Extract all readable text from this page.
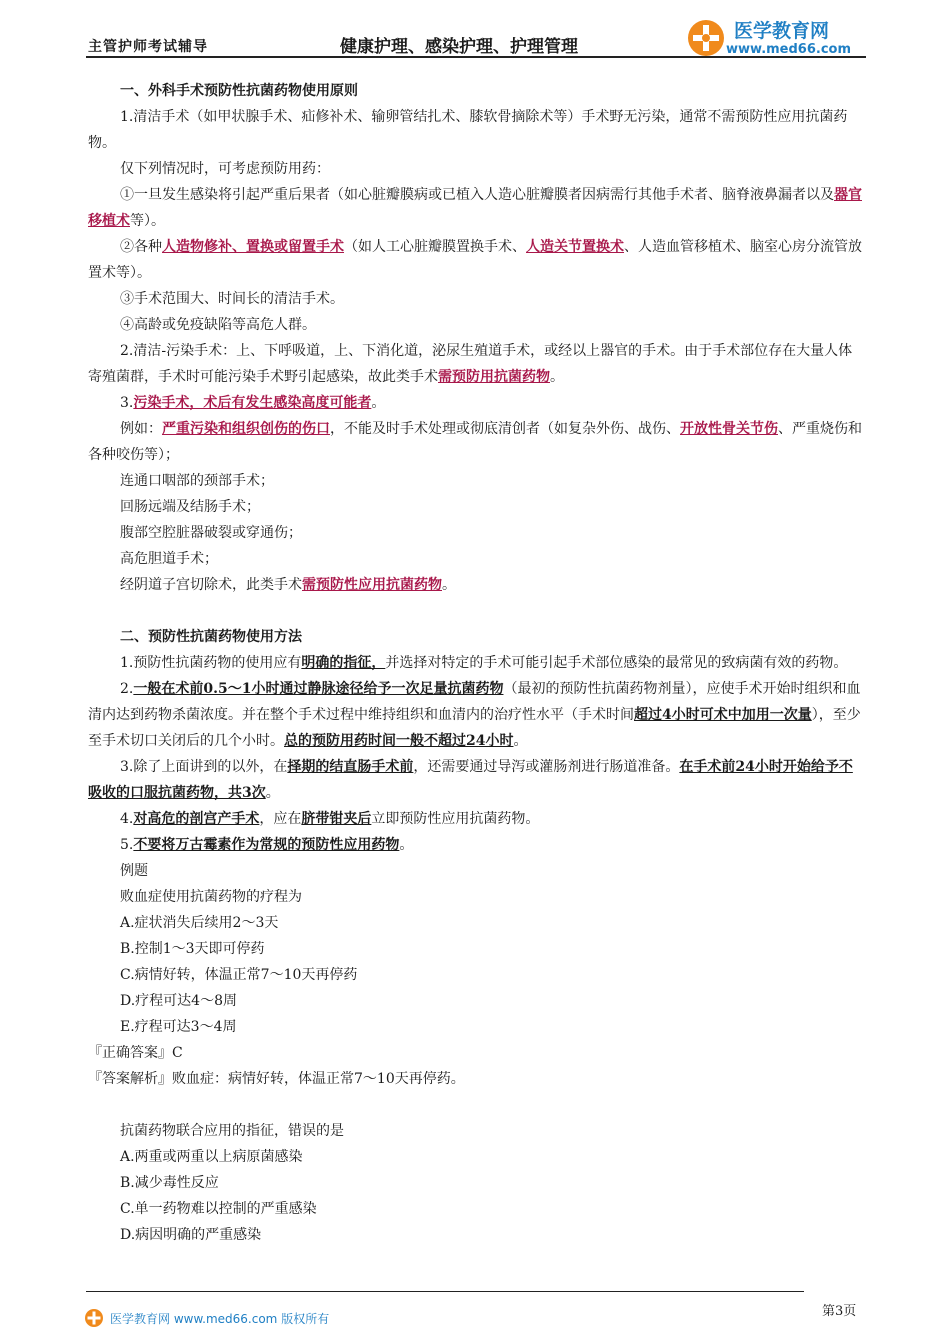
主管护师考试辅导	健康护理、感染护理、护理管理
医学教育网
www.med66.com

一、外科手术预防性抗菌药物使用原则

1.清洁手术（如甲状腺手术、疝修补术、输卵管结扎术、膝软骨摘除术等）手术野无污染，通常不需预防性应用抗菌药物。

仅下列情况时，可考虑预防用药：

①一旦发生感染将引起严重后果者（如心脏瓣膜病或已植入人造心脏瓣膜者因病需行其他手术者、脑脊液鼻漏者以及器官移植术等）。

②各种人造物修补、置换或留置手术（如人工心脏瓣膜置换手术、人造关节置换术、人造血管移植术、脑室心房分流管放置术等）。

③手术范围大、时间长的清洁手术。

④高龄或免疫缺陷等高危人群。

2.清洁-污染手术：上、下呼吸道，上、下消化道，泌尿生殖道手术，或经以上器官的手术。由于手术部位存在大量人体寄殖菌群，手术时可能污染手术野引起感染，故此类手术需预防用抗菌药物。

3.污染手术，术后有发生感染高度可能者。

例如：严重污染和组织创伤的伤口，不能及时手术处理或彻底清创者（如复杂外伤、战伤、开放性骨关节伤、严重烧伤和各种咬伤等）；

连通口咽部的颈部手术；

回肠远端及结肠手术；

腹部空腔脏器破裂或穿通伤；

高危胆道手术；

经阴道子宫切除术，此类手术需预防性应用抗菌药物。

二、预防性抗菌药物使用方法

1.预防性抗菌药物的使用应有明确的指征，并选择对特定的手术可能引起手术部位感染的最常见的致病菌有效的药物。

2.一般在术前0.5～1小时通过静脉途径给予一次足量抗菌药物（最初的预防性抗菌药物剂量），应使手术开始时组织和血清内达到药物杀菌浓度。并在整个手术过程中维持组织和血清内的治疗性水平（手术时间超过4小时可术中加用一次量），至少至手术切口关闭后的几个小时。总的预防用药时间一般不超过24小时。

3.除了上面讲到的以外，在择期的结直肠手术前，还需要通过导泻或灌肠剂进行肠道准备。在手术前24小时开始给予不吸收的口服抗菌药物，共3次。

4.对高危的剖宫产手术，应在脐带钳夹后立即预防性应用抗菌药物。

5.不要将万古霉素作为常规的预防性应用药物。

例题

败血症使用抗菌药物的疗程为

A.症状消失后续用2～3天

B.控制1～3天即可停药

C.病情好转，体温正常7～10天再停药

D.疗程可达4～8周

E.疗程可达3～4周

『正确答案』C

『答案解析』败血症：病情好转，体温正常7～10天再停药。

抗菌药物联合应用的指征，错误的是

A.两重或两重以上病原菌感染

B.减少毒性反应

C.单一药物难以控制的严重感染

D.病因明确的严重感染

医学教育网 www.med66.com 版权所有	第3页
